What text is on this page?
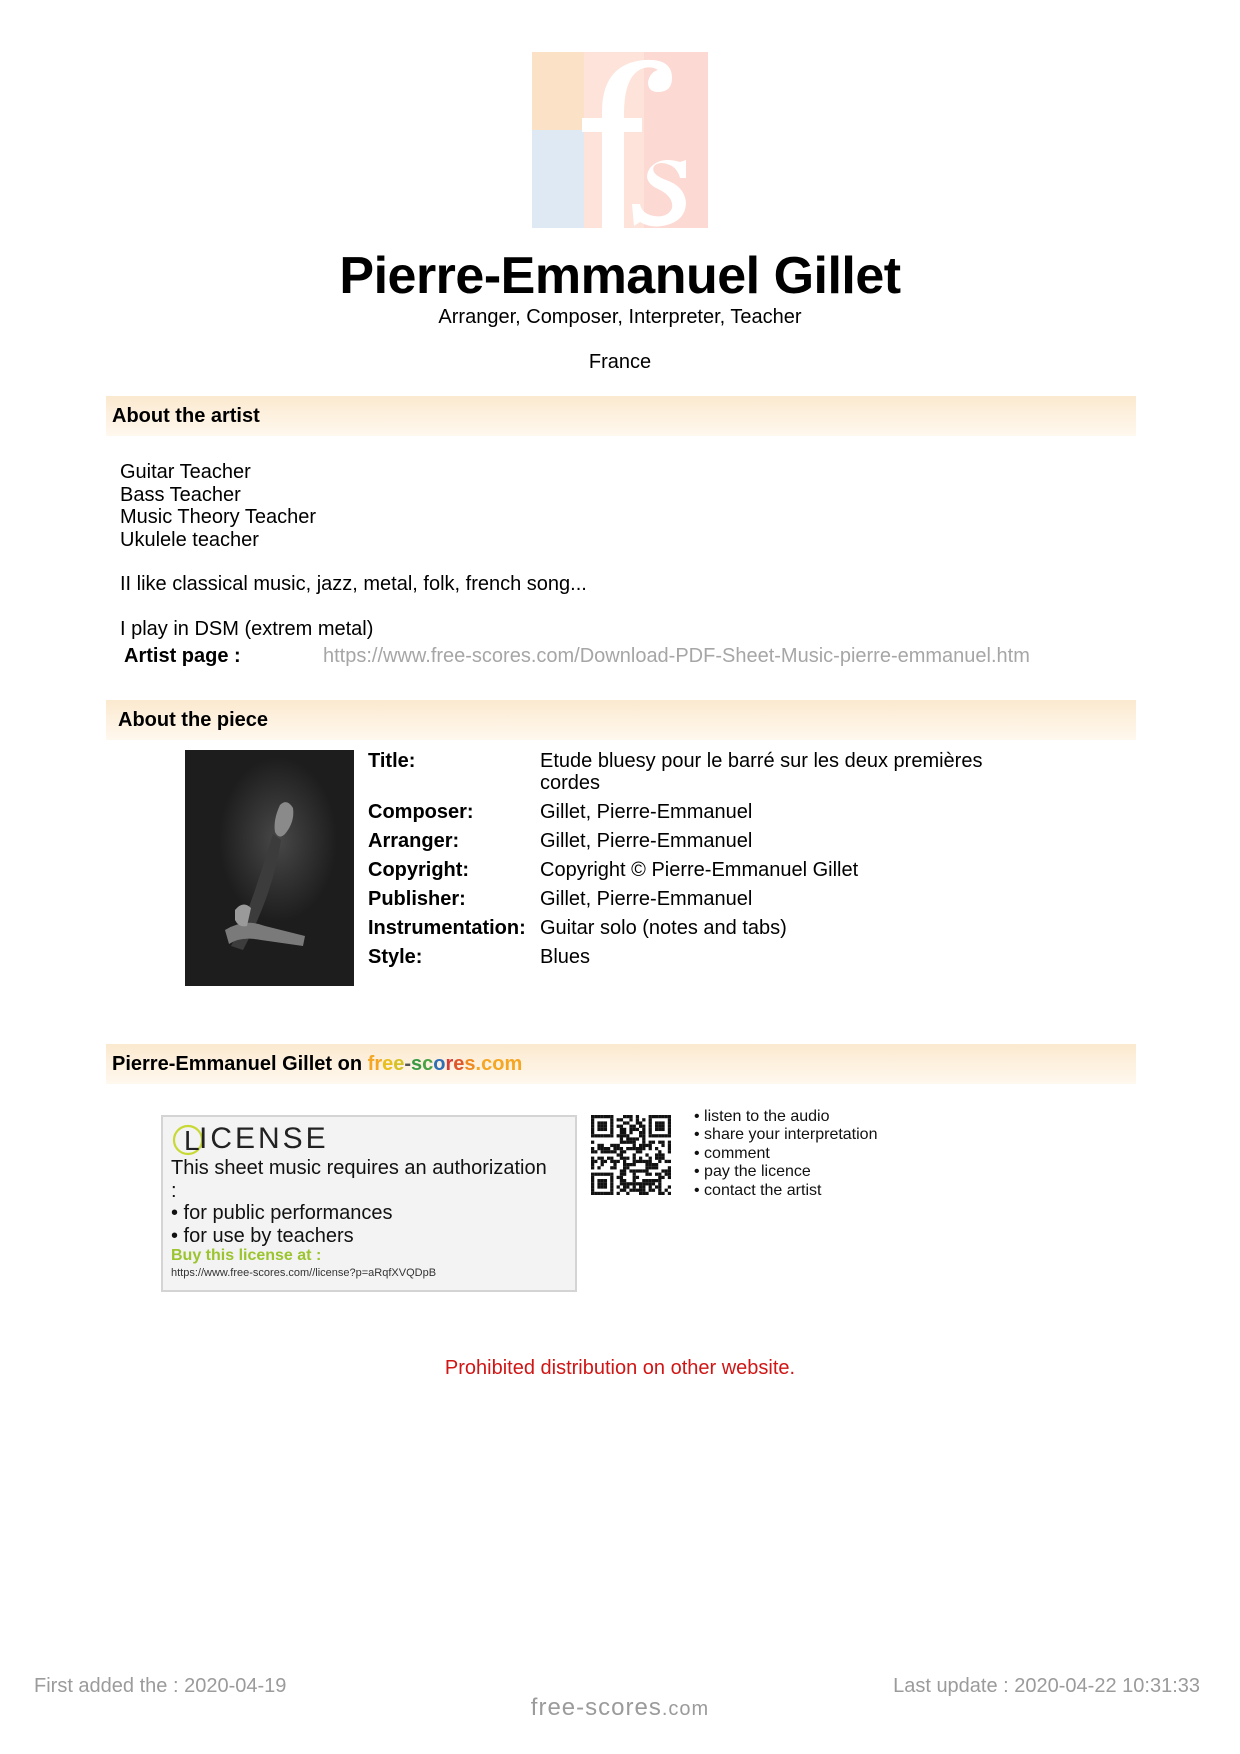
Pierre-Emmanuel Gillet
Arranger, Composer, Interpreter, Teacher
France
About the artist
Guitar Teacher
Bass Teacher
Music Theory Teacher
Ukulele teacher
II like classical music, jazz, metal, folk, french song...
I play in DSM (extrem metal)
Artist page :	https://www.free-scores.com/Download-PDF-Sheet-Music-pierre-emmanuel.htm
About the piece
Title:	Etude bluesy pour le barré sur les deux premières cordes
Composer:	Gillet, Pierre-Emmanuel
Arranger:	Gillet, Pierre-Emmanuel
Copyright:	Copyright © Pierre-Emmanuel Gillet
Publisher:	Gillet, Pierre-Emmanuel
Instrumentation: Guitar solo (notes and tabs)
Style:	Blues
Pierre-Emmanuel Gillet on free-scores.com
L ICENSE
This sheet music requires an authorization
:
• for public performances
• for use by teachers
Buy this license at :
https://www.free-scores.com//license?p=aRqfXVQDpB
• listen to the audio
• share your interpretation
• comment
• pay the licence
• contact the artist
Prohibited distribution on other website.
First added the : 2020-04-19
free-scores.com
Last update : 2020-04-22 10:31:33
